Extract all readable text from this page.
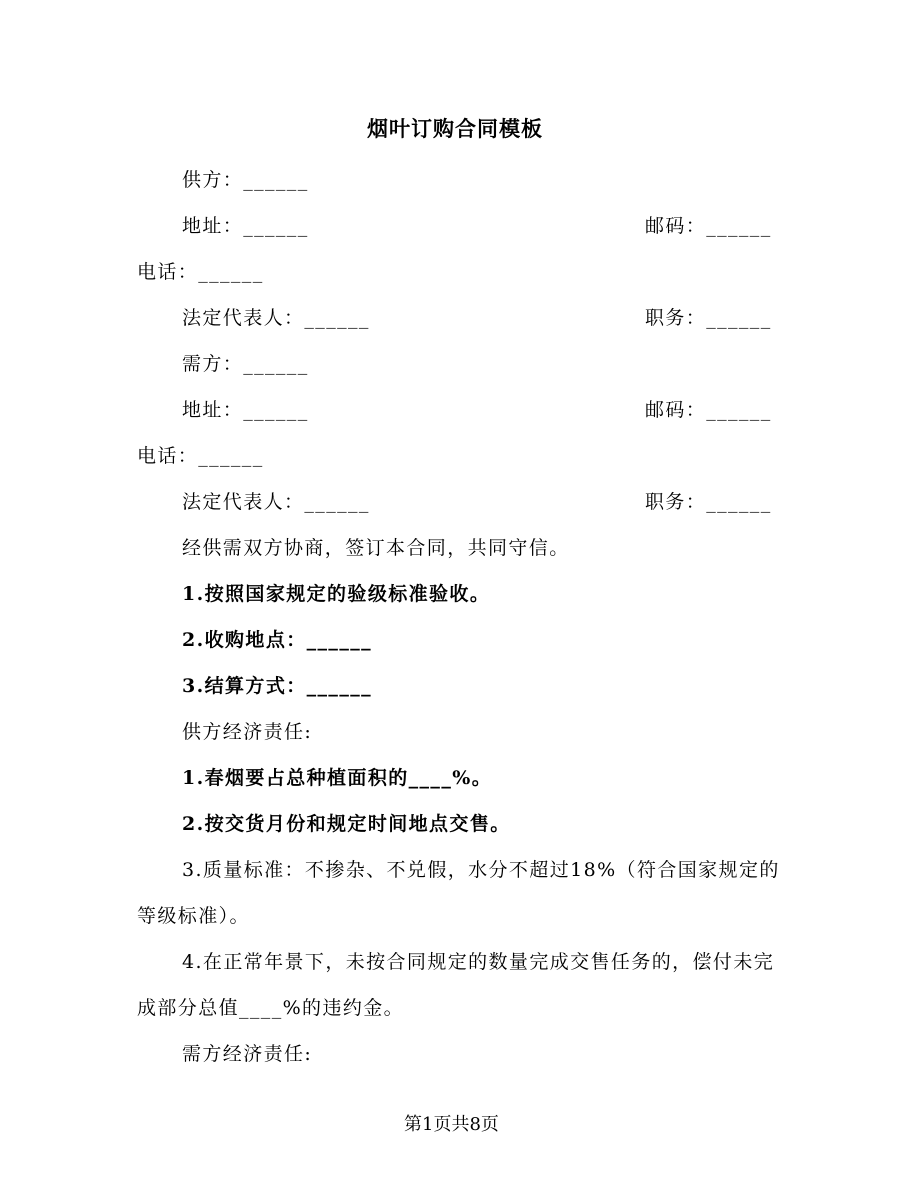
烟叶订购合同模板
供方：______
地址：______	邮码：______
电话：______
法定代表人：______	职务：______
需方：______
地址：______	邮码：______
电话：______
法定代表人：______	职务：______
经供需双方协商，签订本合同，共同守信。
1.按照国家规定的验级标准验收。
2.收购地点：______
3.结算方式：______
供方经济责任:
1.春烟要占总种植面积的____%。
2.按交货月份和规定时间地点交售。
3.质量标准：不掺杂、不兑假，水分不超过18%（符合国家规定的
等级标准）。
4.在正常年景下，未按合同规定的数量完成交售任务的，偿付未完
成部分总值____%的违约金。
需方经济责任:
第1页共8页
